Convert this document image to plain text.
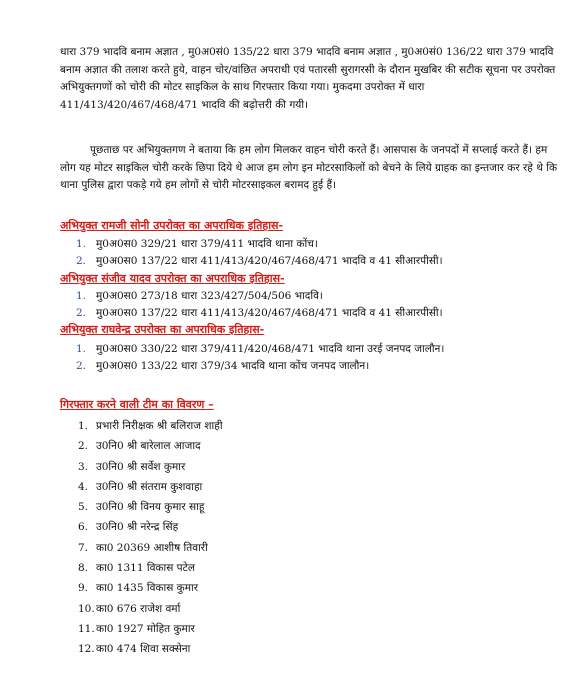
धारा 379 भादवि बनाम अज्ञात , मु0अ0सं0 135/22 धारा 379 भादवि बनाम अज्ञात , मु0अ0सं0 136/22 धारा 379 भादवि बनाम अज्ञात की तलाश करते हुये, वाहन चोर/वांछित अपराधी एवं पतारसी सुरागरसी के दौरान मुखबिर की सटीक सूचना पर उपरोक्त अभियुक्तगणों को चोरी की मोटर साइकिल के साथ गिरफ्तार किया गया। मुकदमा उपरोक्त में धारा 411/413/420/467/468/471 भादवि की बढ़ोत्तरी की गयी।
पूछताछ पर अभियुक्तगण ने बताया कि हम लोग मिलकर वाहन चोरी करते हैं। आसपास के जनपदों में सप्लाई करते हैं। हम लोग यह मोटर साइकिल चोरी करके छिपा दिये थे आज हम लोग इन मोटरसाकिलों को बेचने के लिये ग्राहक का इन्तजार कर रहे थे कि थाना पुलिस द्वारा पकड़े गये हम लोगों से चोरी मोटरसाइकल बरामद हुई हैं।
अभियुक्त रामजी सोनी उपरोक्त का अपराधिक इतिहास-
1. मु0अ0स0 329/21 धारा 379/411 भादवि थाना कोंच।
2. मु0अ0स0 137/22 धारा 411/413/420/467/468/471 भादवि व 41 सीआरपीसी।
अभियुक्त संजीव यादव उपरोक्त का अपराधिक इतिहास-
1. मु0अ0स0 273/18 धारा 323/427/504/506 भादवि।
2. मु0अ0स0 137/22 धारा 411/413/420/467/468/471 भादवि व 41 सीआरपीसी।
अभियुक्त राघवेन्द्र उपरोक्त का अपराधिक इतिहास-
1. मु0अ0स0 330/22 धारा 379/411/420/468/471 भादवि थाना उरई जनपद जालौन।
2. मु0अ0स0 133/22 धारा 379/34 भादवि थाना कोंच जनपद जालौन।
गिरफ्तार करने वाली टीम का विवरण –
1. प्रभारी निरीक्षक श्री बलिराज शाही
2. उ0नि0 श्री बारेलाल आजाद
3. उ0नि0 श्री सर्वेश कुमार
4. उ0नि0 श्री संतराम कुशवाहा
5. उ0नि0 श्री विनय कुमार साहू
6. उ0नि0 श्री नरेन्द्र सिंह
7. का0 20369 आशीष तिवारी
8. का0 1311 विकास पटेल
9. का0 1435 विकास कुमार
10.का0 676 राजेश वर्मा
11.का0 1927 मोहित कुमार
12.का0 474 शिवा सक्सेना
